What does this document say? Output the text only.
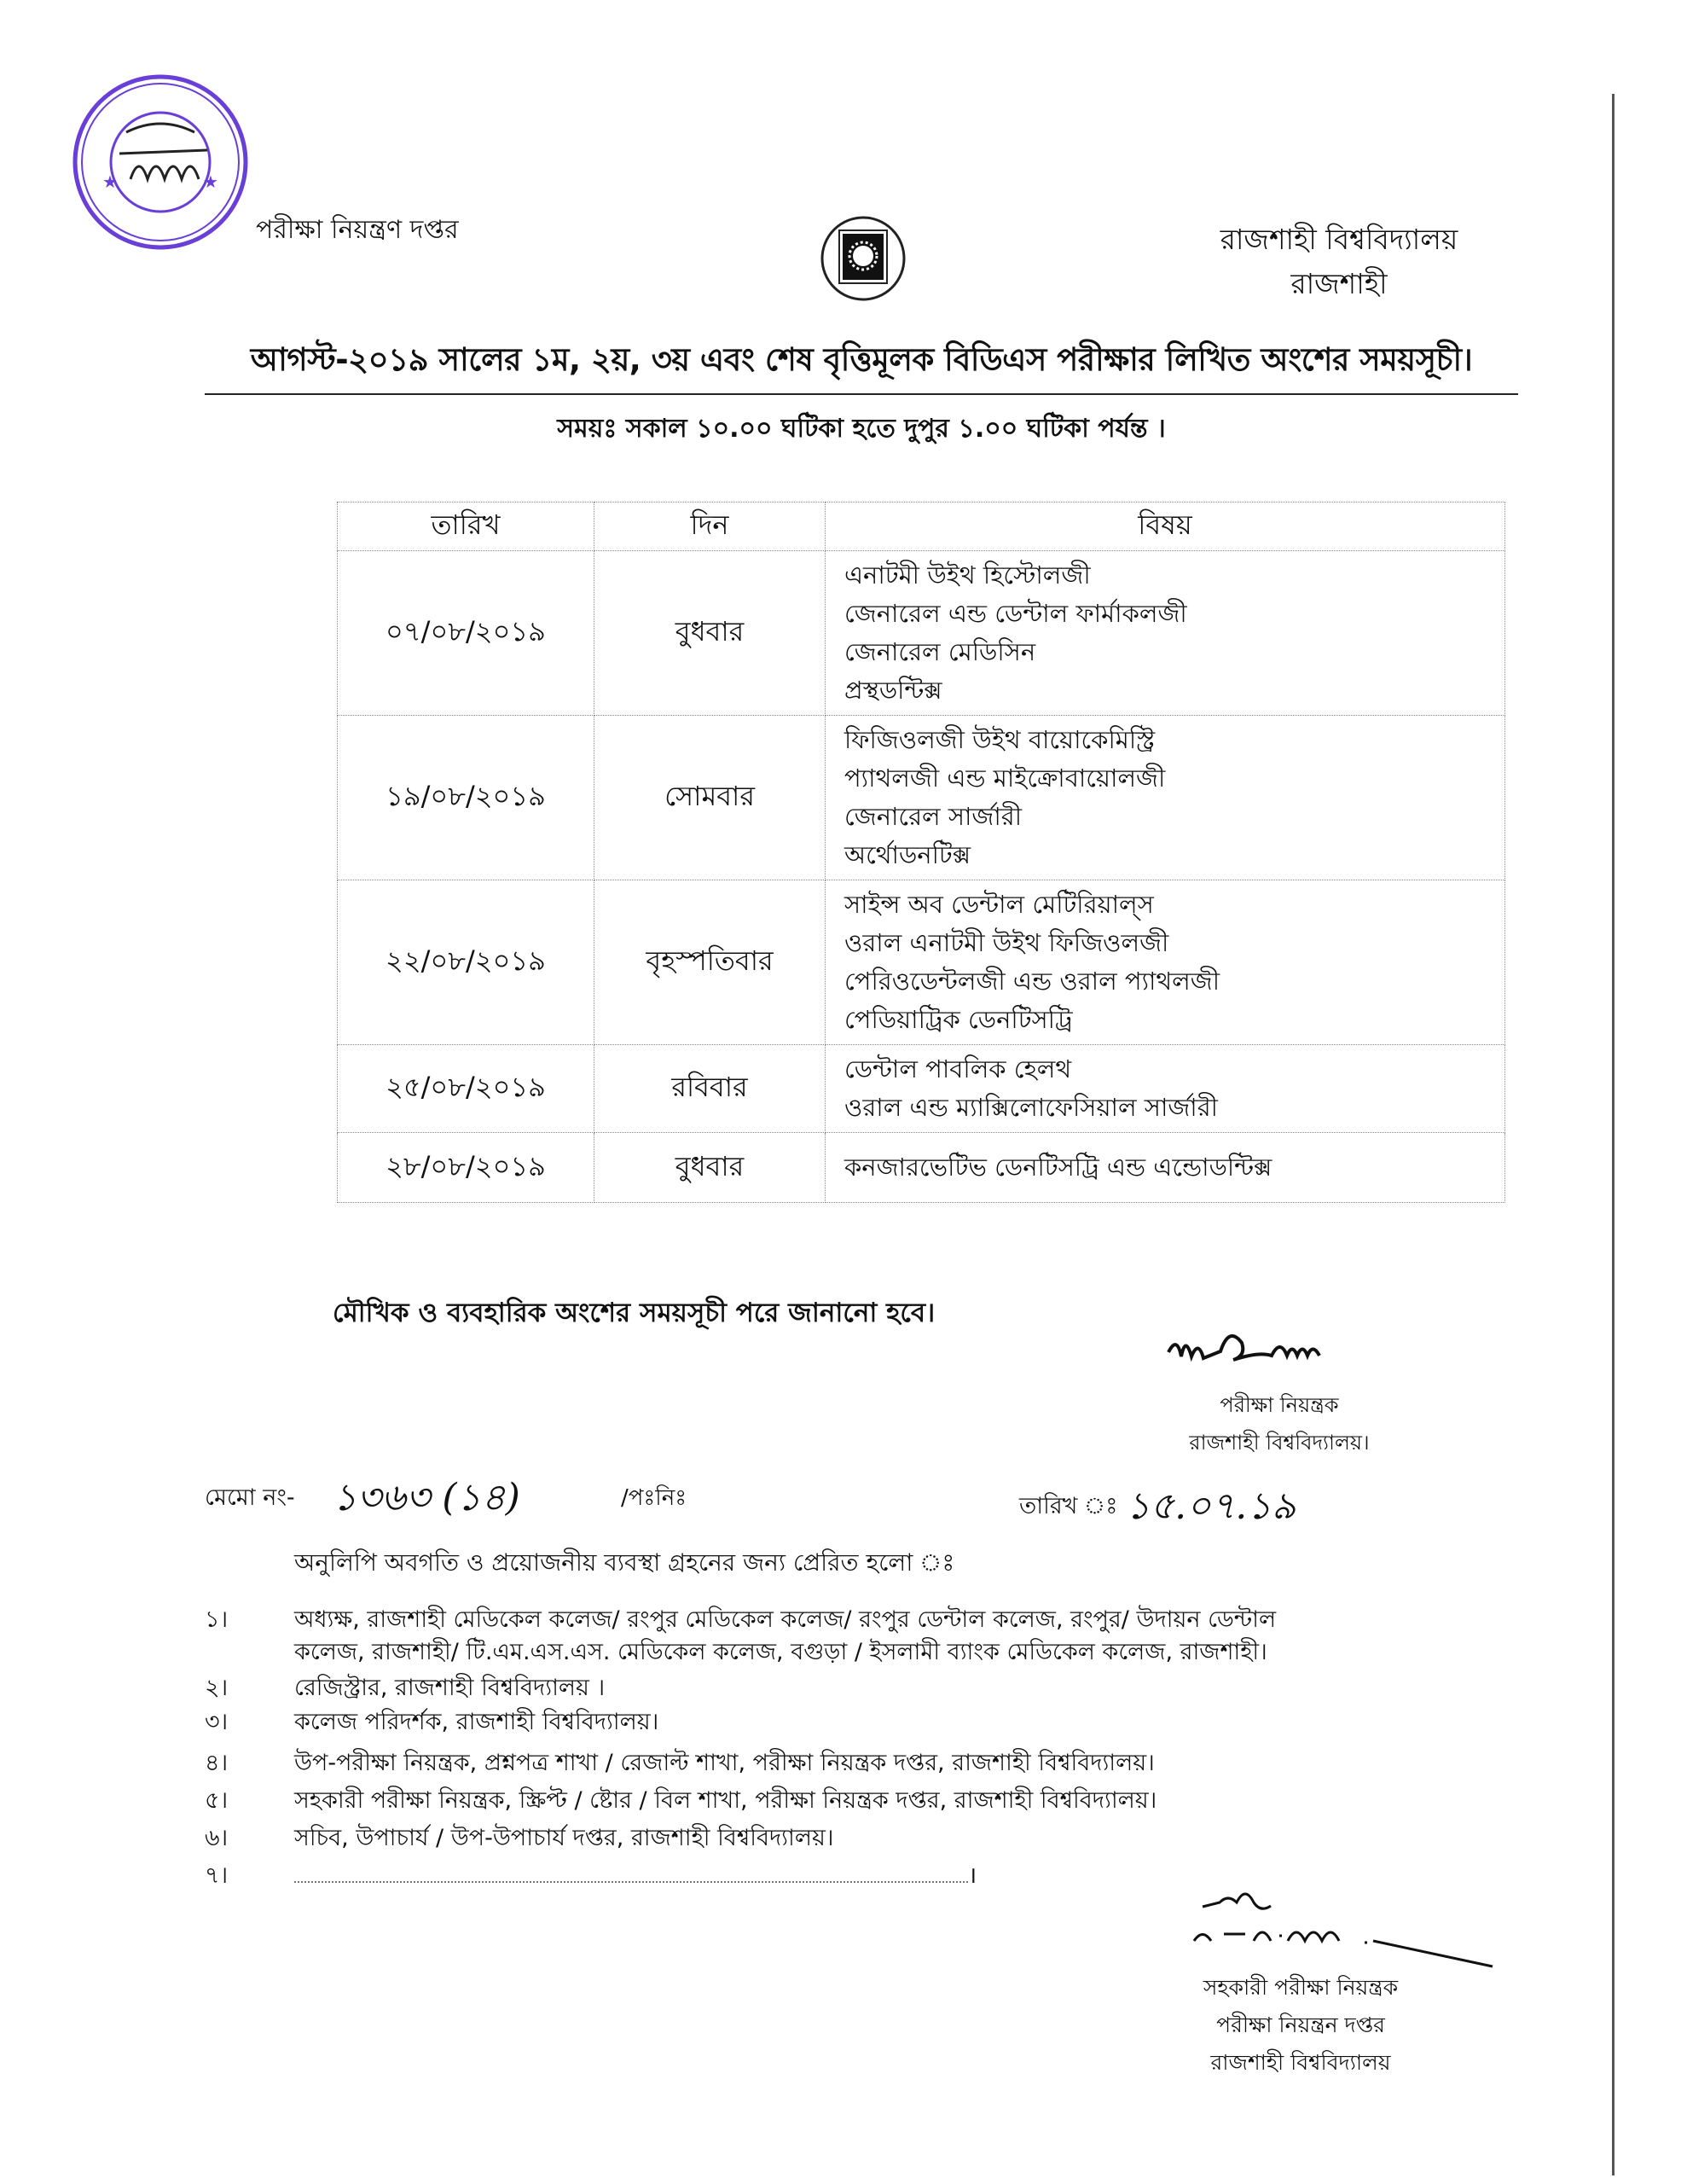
★	★
পরীক্ষা নিয়ন্ত্রণ দপ্তর	রাজশাহী বিশ্ববিদ্যালয়
রাজশাহী
আগস্ট-২০১৯ সালের ১ম, ২য়, ৩য় এবং শেষ বৃত্তিমূলক বিডিএস পরীক্ষার লিখিত অংশের সময়সূচী।
সময়ঃ সকাল ১০.০০ ঘটিকা হতে দুপুর ১.০০ ঘটিকা পর্যন্ত ।
তারিখ	দিন	বিষয়
০৭/০৮/২০১৯	বুধবার	এনাটমী উইথ হিস্টোলজী
জেনারেল এন্ড ডেন্টাল ফার্মাকলজী
জেনারেল মেডিসিন
প্রস্থডন্টিক্স

১৯/০৮/২০১৯	সোমবার	ফিজিওলজী উইথ বায়োকেমিস্ট্রি
প্যাথলজী এন্ড মাইক্রোবায়োলজী
জেনারেল সার্জারী
অর্থোডনটিক্স

২২/০৮/২০১৯	বৃহস্পতিবার	সাইন্স অব ডেন্টাল মেটিরিয়াল্স
ওরাল এনাটমী উইথ ফিজিওলজী
পেরিওডেন্টলজী এন্ড ওরাল প্যাথলজী
পেডিয়াট্রিক ডেনটিসট্রি

২৫/০৮/২০১৯	রবিবার	ডেন্টাল পাবলিক হেলথ
ওরাল এন্ড ম্যাক্সিলোফেসিয়াল সার্জারী

২৮/০৮/২০১৯	বুধবার	কনজারভেটিভ ডেনটিসট্রি এন্ড এন্ডোডন্টিক্স
মৌখিক ও ব্যবহারিক অংশের সময়সূচী পরে জানানো হবে।
পরীক্ষা নিয়ন্ত্রক
রাজশাহী বিশ্ববিদ্যালয়।
মেমো নং- ১৩৬৩ (১৪)	/পঃনিঃ	তারিখ ঃ ১৫.০৭.১৯
অনুলিপি অবগতি ও প্রয়োজনীয় ব্যবস্থা গ্রহনের জন্য প্রেরিত হলো ঃ
১।	অধ্যক্ষ, রাজশাহী মেডিকেল কলেজ/ রংপুর মেডিকেল কলেজ/ রংপুর ডেন্টাল কলেজ, রংপুর/ উদায়ন ডেন্টাল
কলেজ, রাজশাহী/ টি.এম.এস.এস. মেডিকেল কলেজ, বগুড়া / ইসলামী ব্যাংক মেডিকেল কলেজ, রাজশাহী।
২।	রেজিস্ট্রার, রাজশাহী বিশ্ববিদ্যালয় ।
৩।	কলেজ পরিদর্শক, রাজশাহী বিশ্ববিদ্যালয়।
৪।	উপ-পরীক্ষা নিয়ন্ত্রক, প্রশ্নপত্র শাখা / রেজাল্ট শাখা, পরীক্ষা নিয়ন্ত্রক দপ্তর, রাজশাহী বিশ্ববিদ্যালয়।
৫।	সহকারী পরীক্ষা নিয়ন্ত্রক, স্ক্রিপ্ট / ষ্টোর / বিল শাখা, পরীক্ষা নিয়ন্ত্রক দপ্তর, রাজশাহী বিশ্ববিদ্যালয়।
৬।	সচিব, উপাচার্য / উপ-উপাচার্য দপ্তর, রাজশাহী বিশ্ববিদ্যালয়।
৭।	।
সহকারী পরীক্ষা নিয়ন্ত্রক
পরীক্ষা নিয়ন্ত্রন দপ্তর
রাজশাহী বিশ্ববিদ্যালয়
